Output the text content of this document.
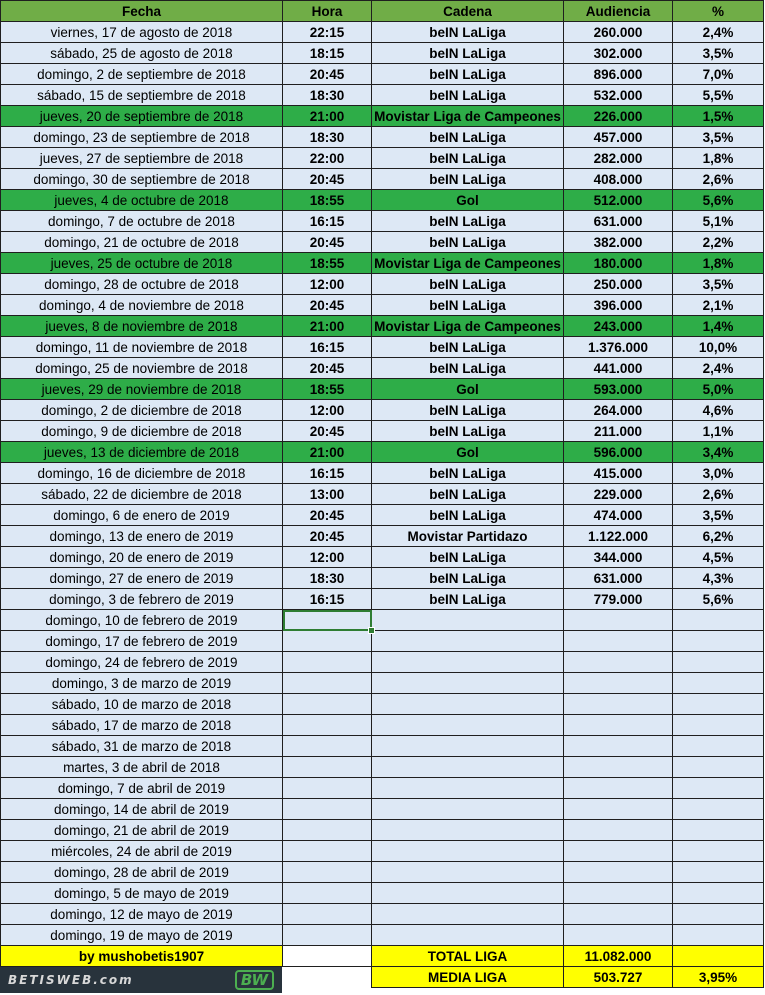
Fecha	Hora	Cadena	Audiencia	%
viernes, 17 de agosto de 2018	22:15	beIN LaLiga	260.000	2,4%
sábado, 25 de agosto de 2018	18:15	beIN LaLiga	302.000	3,5%
domingo, 2 de septiembre de 2018	20:45	beIN LaLiga	896.000	7,0%
sábado, 15 de septiembre de 2018	18:30	beIN LaLiga	532.000	5,5%
jueves, 20 de septiembre de 2018	21:00	Movistar Liga de Campeones	226.000	1,5%
domingo, 23 de septiembre de 2018	18:30	beIN LaLiga	457.000	3,5%
jueves, 27 de septiembre de 2018	22:00	beIN LaLiga	282.000	1,8%
domingo, 30 de septiembre de 2018	20:45	beIN LaLiga	408.000	2,6%
jueves, 4 de octubre de 2018	18:55	Gol	512.000	5,6%
domingo, 7 de octubre de 2018	16:15	beIN LaLiga	631.000	5,1%
domingo, 21 de octubre de 2018	20:45	beIN LaLiga	382.000	2,2%
jueves, 25 de octubre de 2018	18:55	Movistar Liga de Campeones	180.000	1,8%
domingo, 28 de octubre de 2018	12:00	beIN LaLiga	250.000	3,5%
domingo, 4 de noviembre de 2018	20:45	beIN LaLiga	396.000	2,1%
jueves, 8 de noviembre de 2018	21:00	Movistar Liga de Campeones	243.000	1,4%
domingo, 11 de noviembre de 2018	16:15	beIN LaLiga	1.376.000	10,0%
domingo, 25 de noviembre de 2018	20:45	beIN LaLiga	441.000	2,4%
jueves, 29 de noviembre de 2018	18:55	Gol	593.000	5,0%
domingo, 2 de diciembre de 2018	12:00	beIN LaLiga	264.000	4,6%
domingo, 9 de diciembre de 2018	20:45	beIN LaLiga	211.000	1,1%
jueves, 13 de diciembre de 2018	21:00	Gol	596.000	3,4%
domingo, 16 de diciembre de 2018	16:15	beIN LaLiga	415.000	3,0%
sábado, 22 de diciembre de 2018	13:00	beIN LaLiga	229.000	2,6%
domingo, 6 de enero de 2019	20:45	beIN LaLiga	474.000	3,5%
domingo, 13 de enero de 2019	20:45	Movistar Partidazo	1.122.000	6,2%
domingo, 20 de enero de 2019	12:00	beIN LaLiga	344.000	4,5%
domingo, 27 de enero de 2019	18:30	beIN LaLiga	631.000	4,3%
domingo, 3 de febrero de 2019	16:15	beIN LaLiga	779.000	5,6%
domingo, 10 de febrero de 2019				
domingo, 17 de febrero de 2019				
domingo, 24 de febrero de 2019				
domingo, 3 de marzo de 2019				
sábado, 10 de marzo de 2018				
sábado, 17 de marzo de 2018				
sábado, 31 de marzo de 2018				
martes, 3 de abril de 2018				
domingo, 7 de abril de 2019				
domingo, 14 de abril de 2019				
domingo, 21 de abril de 2019				
miércoles, 24 de abril de 2019				
domingo, 28 de abril de 2019				
domingo, 5 de mayo de 2019				
domingo, 12 de mayo de 2019				
domingo, 19 de mayo de 2019				
by mushobetis1907		TOTAL LIGA	11.082.000	
		MEDIA LIGA	503.727	3,95%
BETISWEB.com	BW
